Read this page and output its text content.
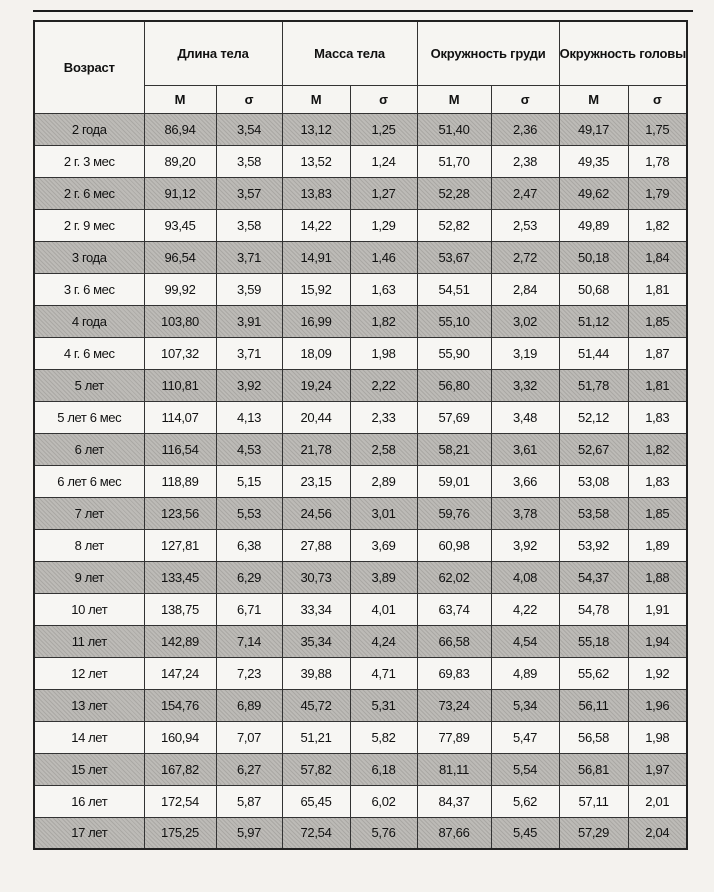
Возраст	Длина тела		Масса тела		Окружность груди		Окружность головы	
	М	σ	М	σ	М	σ	М	σ
2 года	86,94	3,54	13,12	1,25	51,40	2,36	49,17	1,75
2 г. 3 мес	89,20	3,58	13,52	1,24	51,70	2,38	49,35	1,78
2 г. 6 мес	91,12	3,57	13,83	1,27	52,28	2,47	49,62	1,79
2 г. 9 мес	93,45	3,58	14,22	1,29	52,82	2,53	49,89	1,82
3 года	96,54	3,71	14,91	1,46	53,67	2,72	50,18	1,84
3 г. 6 мес	99,92	3,59	15,92	1,63	54,51	2,84	50,68	1,81
4 года	103,80	3,91	16,99	1,82	55,10	3,02	51,12	1,85
4 г. 6 мес	107,32	3,71	18,09	1,98	55,90	3,19	51,44	1,87
5 лет	110,81	3,92	19,24	2,22	56,80	3,32	51,78	1,81
5 лет 6 мес	114,07	4,13	20,44	2,33	57,69	3,48	52,12	1,83
6 лет	116,54	4,53	21,78	2,58	58,21	3,61	52,67	1,82
6 лет 6 мес	118,89	5,15	23,15	2,89	59,01	3,66	53,08	1,83
7 лет	123,56	5,53	24,56	3,01	59,76	3,78	53,58	1,85
8 лет	127,81	6,38	27,88	3,69	60,98	3,92	53,92	1,89
9 лет	133,45	6,29	30,73	3,89	62,02	4,08	54,37	1,88
10 лет	138,75	6,71	33,34	4,01	63,74	4,22	54,78	1,91
11 лет	142,89	7,14	35,34	4,24	66,58	4,54	55,18	1,94
12 лет	147,24	7,23	39,88	4,71	69,83	4,89	55,62	1,92
13 лет	154,76	6,89	45,72	5,31	73,24	5,34	56,11	1,96
14 лет	160,94	7,07	51,21	5,82	77,89	5,47	56,58	1,98
15 лет	167,82	6,27	57,82	6,18	81,11	5,54	56,81	1,97
16 лет	172,54	5,87	65,45	6,02	84,37	5,62	57,11	2,01
17 лет	175,25	5,97	72,54	5,76	87,66	5,45	57,29	2,04
